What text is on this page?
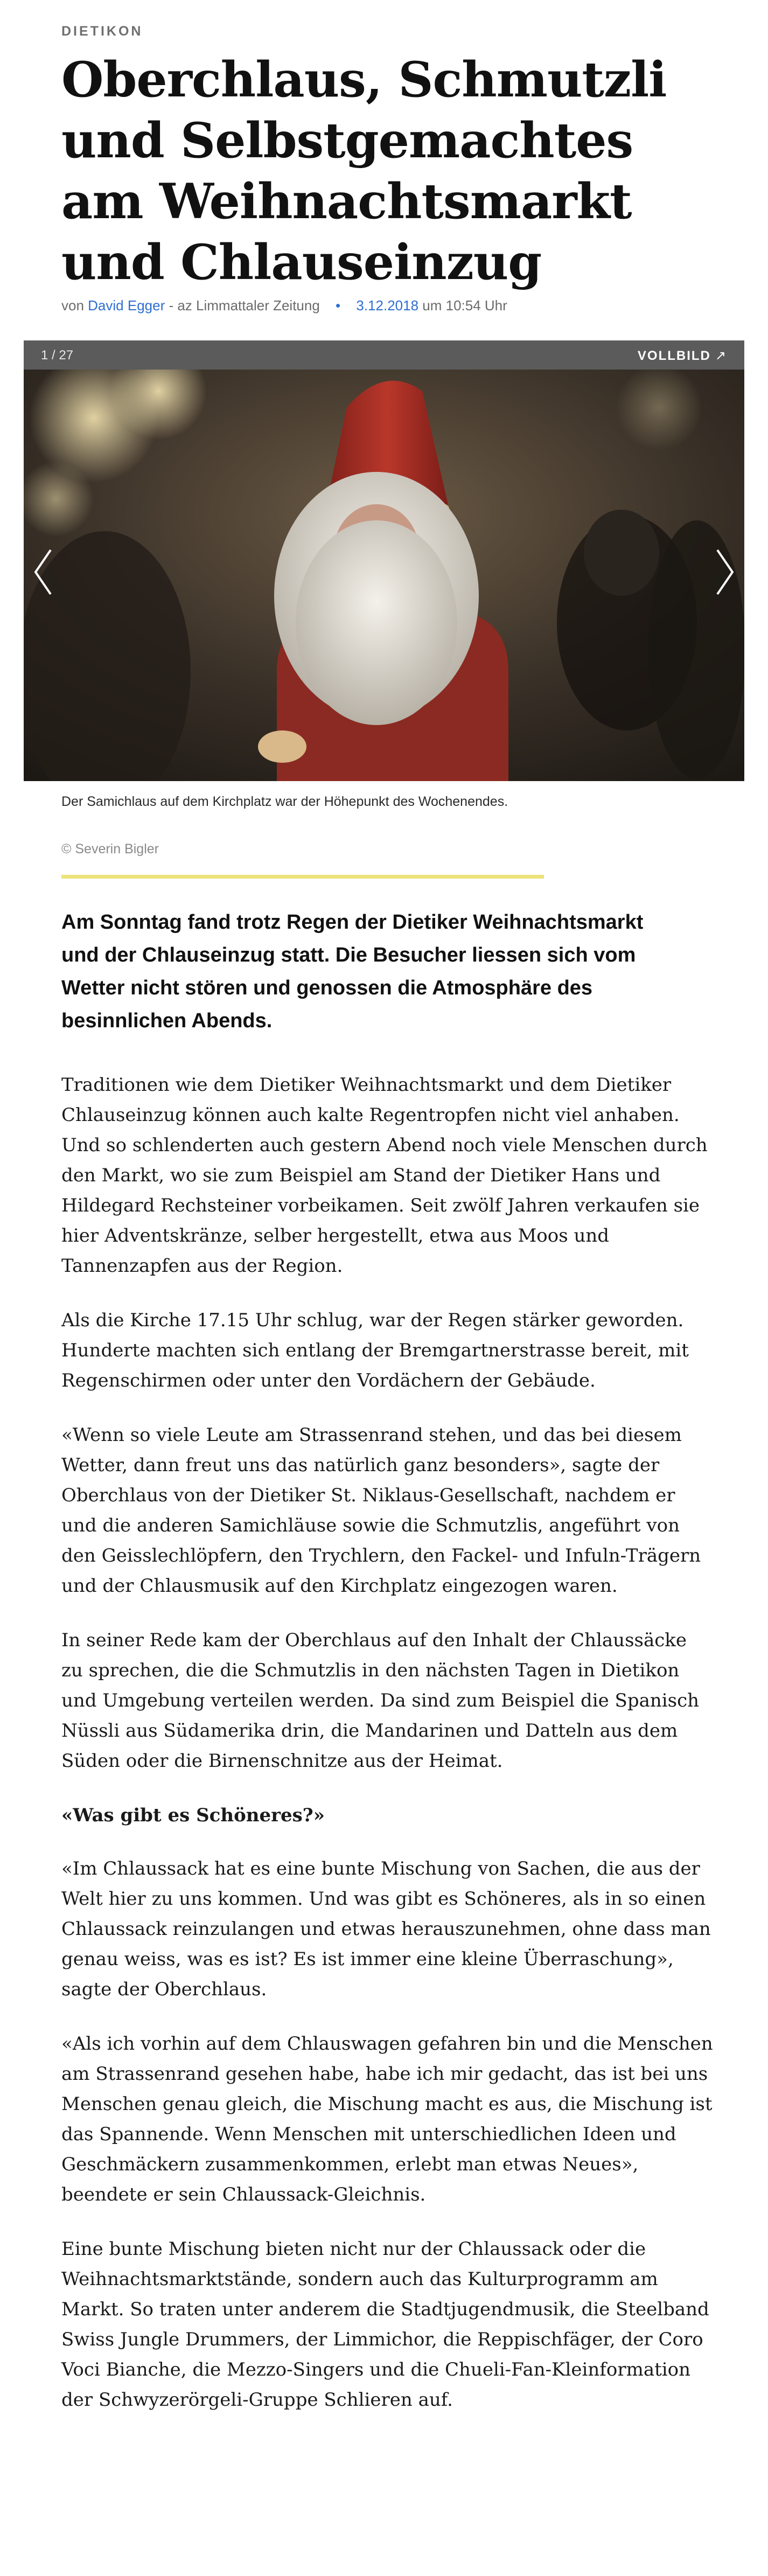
DIETIKON
Oberchlaus, Schmutzli und Selbstgemachtes am Weihnachtsmarkt und Chlauseinzug
von David Egger - az Limmattaler Zeitung • 3.12.2018 um 10:54 Uhr
1 / 27	VOLLBILD ↗
Der Samichlaus auf dem Kirchplatz war der Höhepunkt des Wochenendes.
© Severin Bigler

Am Sonntag fand trotz Regen der Dietiker Weihnachtsmarkt und der Chlauseinzug statt. Die Besucher liessen sich vom Wetter nicht stören und genossen die Atmosphäre des besinnlichen Abends.

Traditionen wie dem Dietiker Weihnachtsmarkt und dem Dietiker Chlauseinzug können auch kalte Regentropfen nicht viel anhaben. Und so schlenderten auch gestern Abend noch viele Menschen durch den Markt, wo sie zum Beispiel am Stand der Dietiker Hans und Hildegard Rechsteiner vorbeikamen. Seit zwölf Jahren verkaufen sie hier Adventskränze, selber hergestellt, etwa aus Moos und Tannenzapfen aus der Region.

Als die Kirche 17.15 Uhr schlug, war der Regen stärker geworden. Hunderte machten sich entlang der Bremgartnerstrasse bereit, mit Regenschirmen oder unter den Vordächern der Gebäude.

«Wenn so viele Leute am Strassenrand stehen, und das bei diesem Wetter, dann freut uns das natürlich ganz besonders», sagte der Oberchlaus von der Dietiker St. Niklaus-Gesellschaft, nachdem er und die anderen Samichläuse sowie die Schmutzlis, angeführt von den Geisslechlöpfern, den Trychlern, den Fackel- und Infuln-Trägern und der Chlausmusik auf den Kirchplatz eingezogen waren.

In seiner Rede kam der Oberchlaus auf den Inhalt der Chlaussäcke zu sprechen, die die Schmutzlis in den nächsten Tagen in Dietikon und Umgebung verteilen werden. Da sind zum Beispiel die Spanisch Nüssli aus Südamerika drin, die Mandarinen und Datteln aus dem Süden oder die Birnenschnitze aus der Heimat.

«Was gibt es Schöneres?»

«Im Chlaussack hat es eine bunte Mischung von Sachen, die aus der Welt hier zu uns kommen. Und was gibt es Schöneres, als in so einen Chlaussack reinzulangen und etwas herauszunehmen, ohne dass man genau weiss, was es ist? Es ist immer eine kleine Überraschung», sagte der Oberchlaus.

«Als ich vorhin auf dem Chlauswagen gefahren bin und die Menschen am Strassenrand gesehen habe, habe ich mir gedacht, das ist bei uns Menschen genau gleich, die Mischung macht es aus, die Mischung ist das Spannende. Wenn Menschen mit unterschiedlichen Ideen und Geschmäckern zusammenkommen, erlebt man etwas Neues», beendete er sein Chlaussack-Gleichnis.

Eine bunte Mischung bieten nicht nur der Chlaussack oder die Weihnachtsmarktstände, sondern auch das Kulturprogramm am Markt. So traten unter anderem die Stadtjugendmusik, die Steelband Swiss Jungle Drummers, der Limmichor, die Reppischfäger, der Coro Voci Bianche, die Mezzo-Singers und die Chueli-Fan-Kleinformation der Schwyzerörgeli-Gruppe Schlieren auf.
